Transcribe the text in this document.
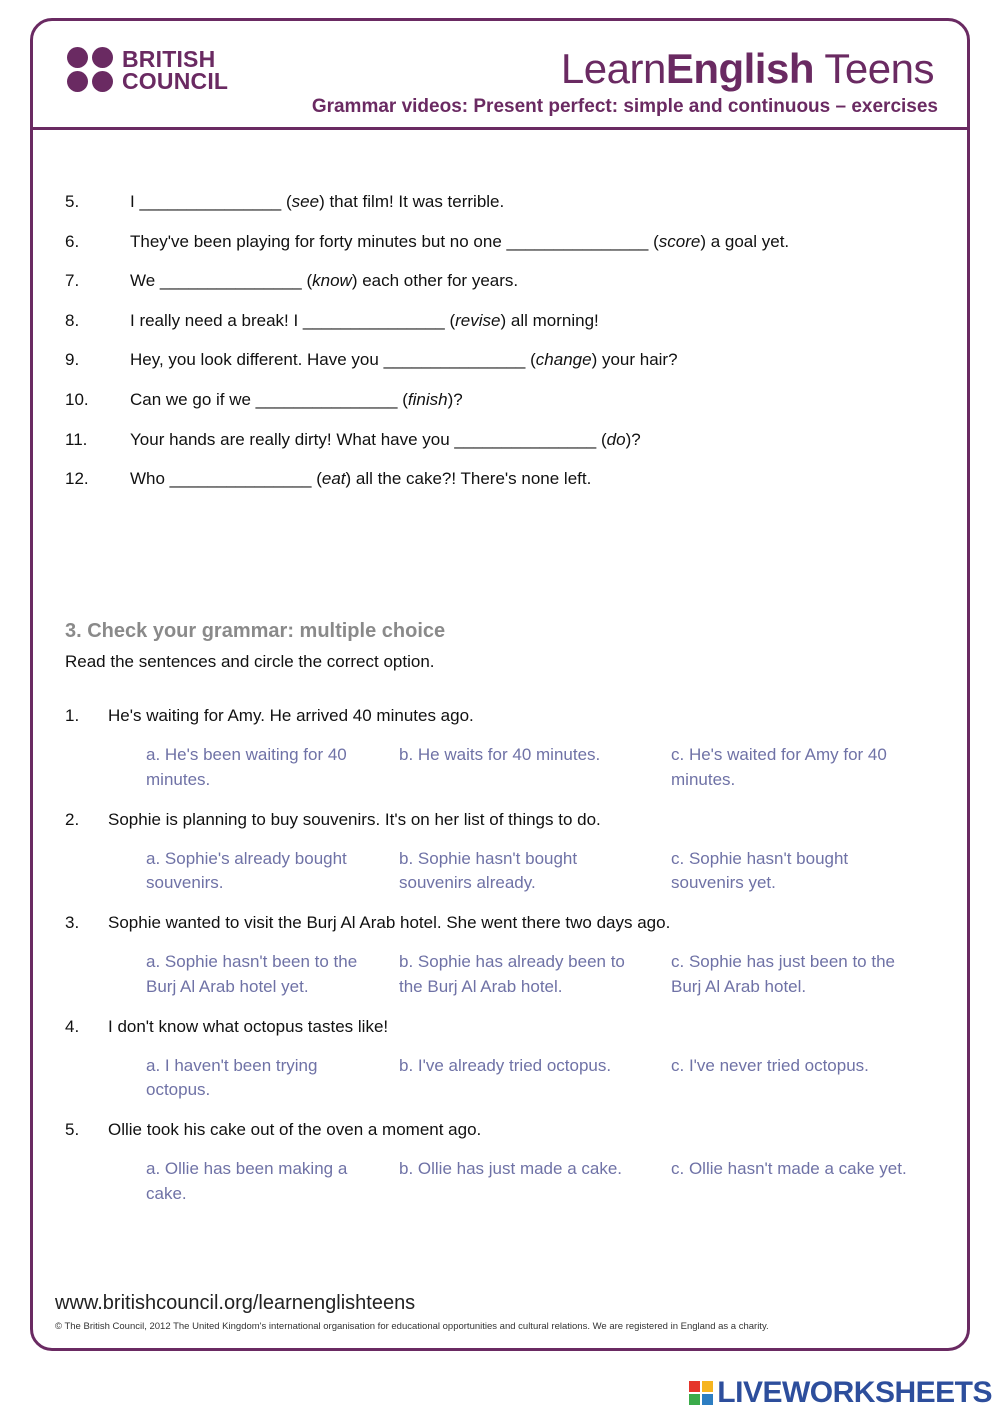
BRITISH
COUNCIL	LearnEnglish Teens
Grammar videos: Present perfect: simple and continuous – exercises
5.	I _______________ (see) that film! It was terrible.
6.	They've been playing for forty minutes but no one _______________ (score) a goal yet.
7.	We _______________ (know) each other for years.
8.	I really need a break! I _______________ (revise) all morning!
9.	Hey, you look different. Have you _______________ (change) your hair?
10.	Can we go if we _______________ (finish)?
11.	Your hands are really dirty! What have you _______________ (do)?
12.	Who _______________ (eat) all the cake?! There's none left.
3. Check your grammar: multiple choice
Read the sentences and circle the correct option.
1.	He's waiting for Amy. He arrived 40 minutes ago.
a. He's been waiting for 40 minutes.
b. He waits for 40 minutes.	c. He's waited for Amy for 40 minutes.
2.	Sophie is planning to buy souvenirs. It's on her list of things to do.
a. Sophie's already bought souvenirs.
b. Sophie hasn't bought souvenirs already.
c. Sophie hasn't bought souvenirs yet.
3.	Sophie wanted to visit the Burj Al Arab hotel. She went there two days ago.
a. Sophie hasn't been to the Burj Al Arab hotel yet.
b. Sophie has already been to the Burj Al Arab hotel.
c. Sophie has just been to the Burj Al Arab hotel.
4.	I don't know what octopus tastes like!
a. I haven't been trying octopus.
b. I've already tried octopus.	c. I've never tried octopus.
5.	Ollie took his cake out of the oven a moment ago.
a. Ollie has been making a cake.
b. Ollie has just made a cake.	c. Ollie hasn't made a cake yet.
www.britishcouncil.org/learnenglishteens
© The British Council, 2012 The United Kingdom's international organisation for educational opportunities and cultural relations. We are registered in England as a charity.
LIVEWORKSHEETS
